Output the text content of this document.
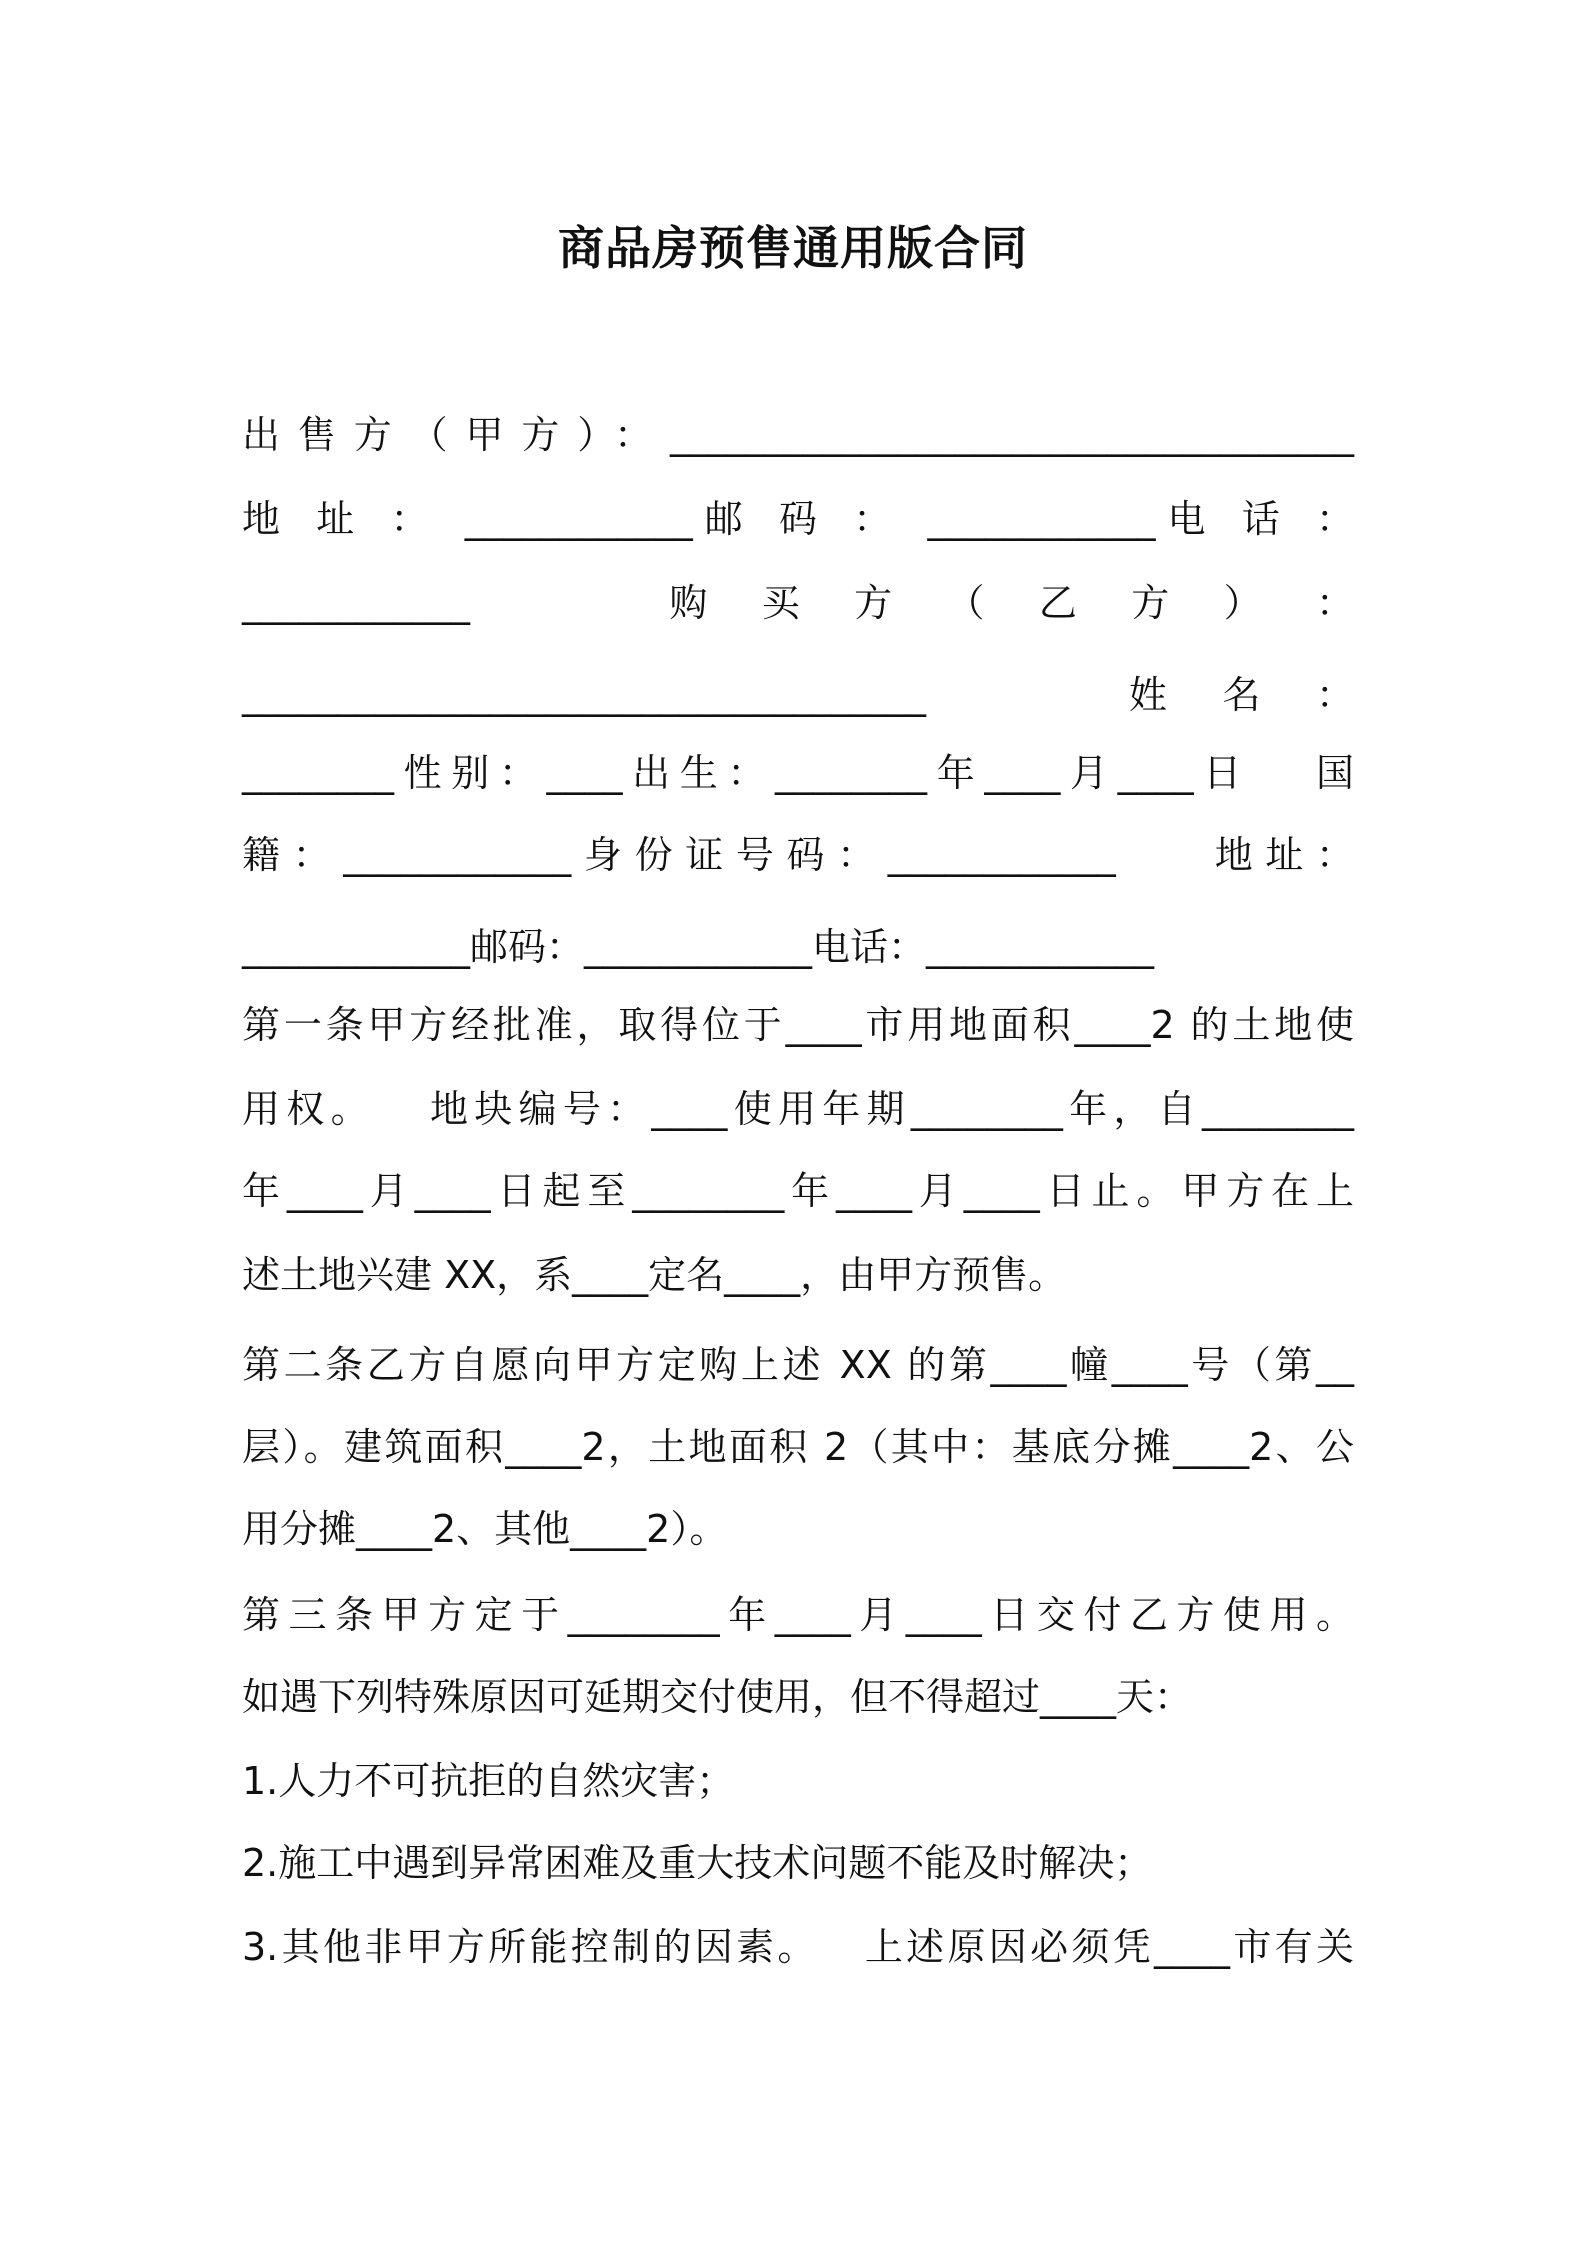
商品房预售通用版合同
出售方（甲方）：____________________________________
地 址 ： ____________邮 码 ： ____________电 话 ：
____________      购 买 方 （ 乙 方 ） ：
____________________________________      姓 名 ：
________性别：____出生：________年____月____日   国
籍：____________身份证号码：____________    地址：
____________邮码：____________电话：____________
第一条甲方经批准，取得位于____市用地面积____2 的土地使
用权。   地块编号：____使用年期________年，自________
年____月____日起至________年____月____日止。甲方在上
述土地兴建 XX，系____定名____，由甲方预售。
第二条乙方自愿向甲方定购上述 XX 的第____幢____号（第__
层）。建筑面积____2，土地面积 2（其中：基底分摊____2、公
用分摊____2、其他____2）。
第三条甲方定于________年____月____日交付乙方使用。
如遇下列特殊原因可延期交付使用，但不得超过____天：
1.人力不可抗拒的自然灾害；
2.施工中遇到异常困难及重大技术问题不能及时解决；
3.其他非甲方所能控制的因素。   上述原因必须凭____市有关
